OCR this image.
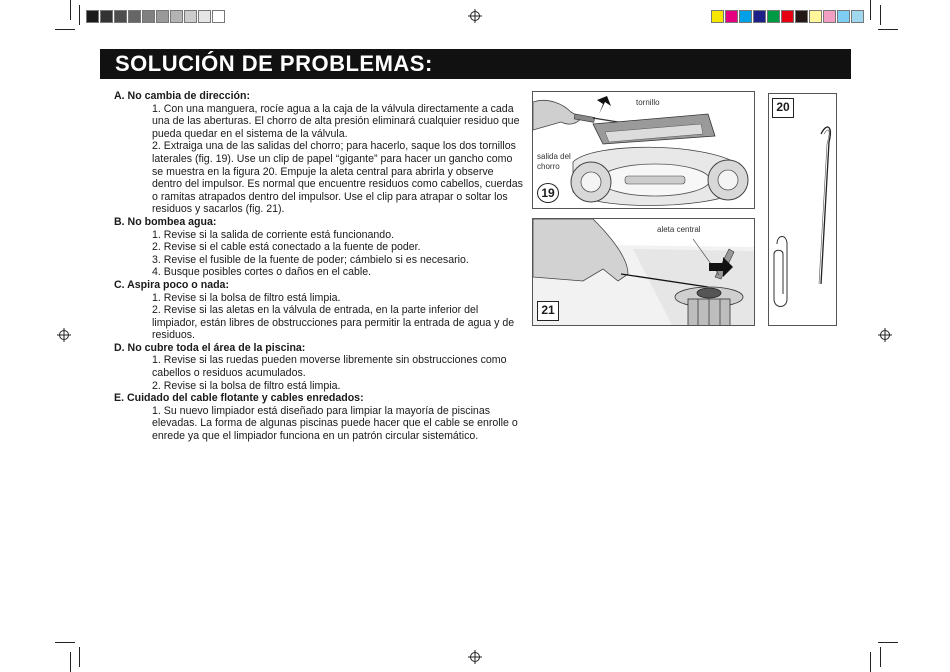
SOLUCIÓN DE PROBLEMAS:
A. No cambia de dirección:
1. Con una manguera, rocíe agua a la caja de la válvula directamente a cada una de las aberturas. El chorro de alta presión eliminará cualquier residuo que pueda quedar en el sistema de la válvula.
2. Extraiga una de las salidas del chorro; para hacerlo, saque los dos tornillos laterales (fig. 19). Use un clip de papel “gigante” para hacer un gancho como se muestra en la figura 20. Empuje la aleta central para abrirla y observe dentro del impulsor. Es normal que encuentre residuos como cabellos, cuerdas o ramitas atrapados dentro del impulsor. Use el clip para atrapar o soltar los residuos y sacarlos (fig. 21).
B. No bombea agua:
1. Revise si la salida de corriente está funcionando.
2. Revise si el cable está conectado a la fuente de poder.
3. Revise el fusible de la fuente de poder; cámbielo si es necesario.
4. Busque posibles cortes o daños en el cable.
C. Aspira poco o nada:
1. Revise si la bolsa de filtro está limpia.
2. Revise si las aletas en la válvula de entrada, en la parte inferior del limpiador, están libres de obstrucciones para permitir la entrada de agua y de residuos.
D. No cubre toda el área de la piscina:
1. Revise si las ruedas pueden moverse libremente sin obstrucciones como cabellos o residuos acumulados.
2. Revise si la bolsa de filtro está limpia.
E. Cuidado del cable flotante y cables enredados:
1. Su nuevo limpiador está diseñado para limpiar la mayoría de piscinas elevadas. La forma de algunas piscinas puede hacer que el cable se enrolle o enrede ya que el limpiador funciona en un patrón circular sistemático.
tornillo
salida del chorro
19
20
aleta central
21
